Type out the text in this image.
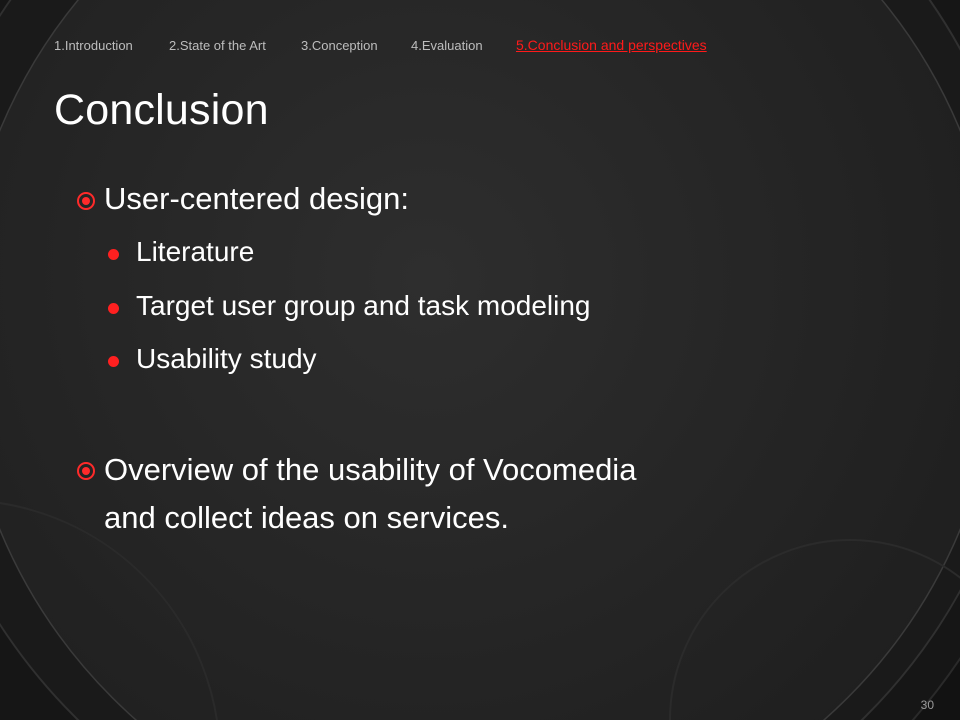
1.Introduction	2.State of the Art	3.Conception	4.Evaluation 5.Conclusion and perspectives
Conclusion
User-centered design:
Literature
Target user group and task modeling
Usability study
Overview of the usability of Vocomedia
and collect ideas on services.
30
